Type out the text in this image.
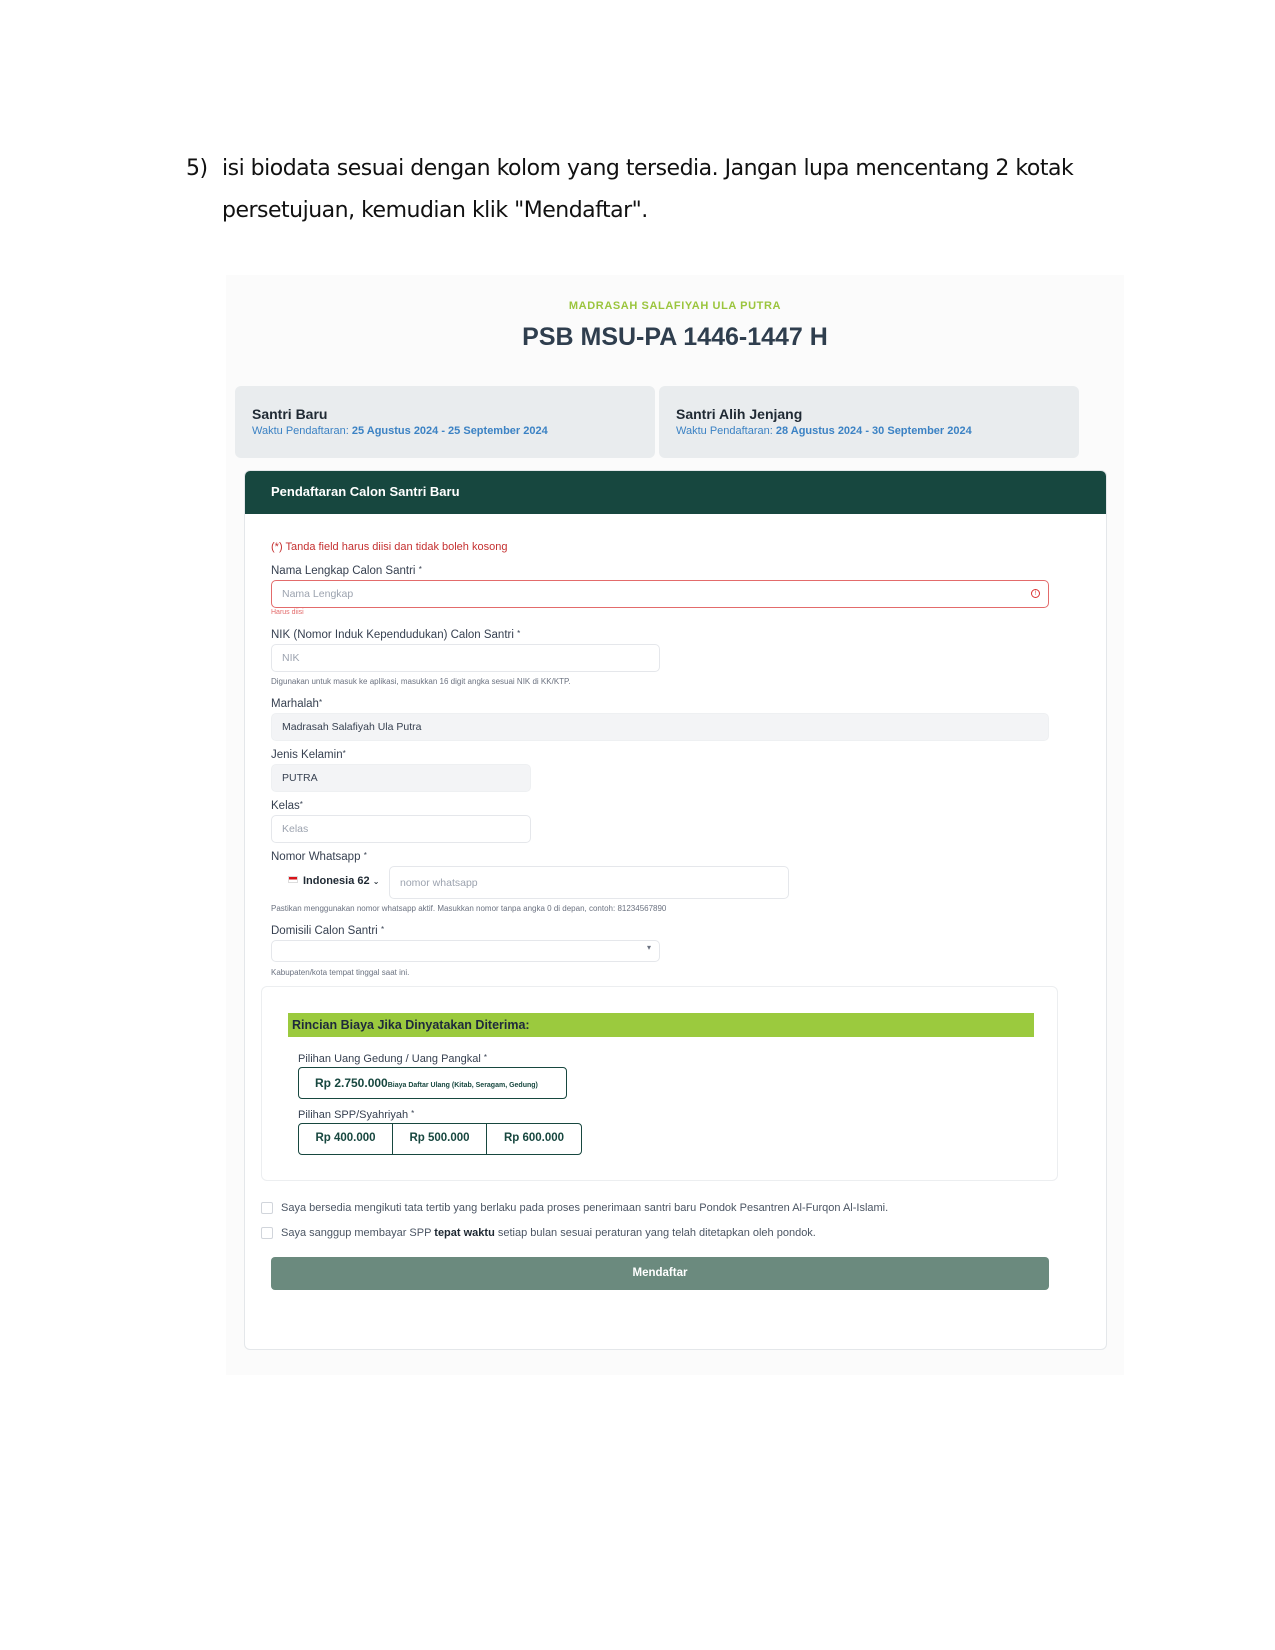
5) isi biodata sesuai dengan kolom yang tersedia. Jangan lupa mencentang 2 kotak persetujuan, kemudian klik "Mendaftar".
MADRASAH SALAFIYAH ULA PUTRA
PSB MSU-PA 1446-1447 H
Santri Baru
Waktu Pendaftaran: 25 Agustus 2024 - 25 September 2024
Santri Alih Jenjang
Waktu Pendaftaran: 28 Agustus 2024 - 30 September 2024
Pendaftaran Calon Santri Baru
(*) Tanda field harus diisi dan tidak boleh kosong
Nama Lengkap Calon Santri *
Nama Lengkap	!
Harus diisi
NIK (Nomor Induk Kependudukan) Calon Santri *
NIK
Digunakan untuk masuk ke aplikasi, masukkan 16 digit angka sesuai NIK di KK/KTP.
Marhalah*
Madrasah Salafiyah Ula Putra
Jenis Kelamin*
PUTRA
Kelas*
Kelas
Nomor Whatsapp *
Indonesia 62 ⌄	nomor whatsapp
Pastikan menggunakan nomor whatsapp aktif. Masukkan nomor tanpa angka 0 di depan, contoh: 81234567890
Domisili Calon Santri *
▾
Kabupaten/kota tempat tinggal saat ini.
Rincian Biaya Jika Dinyatakan Diterima:
Pilihan Uang Gedung / Uang Pangkal *
Rp 2.750.000Biaya Daftar Ulang (Kitab, Seragam, Gedung)
Pilihan SPP/Syahriyah *
Rp 400.000	Rp 500.000	Rp 600.000
Saya bersedia mengikuti tata tertib yang berlaku pada proses penerimaan santri baru Pondok Pesantren Al-Furqon Al-Islami.
Saya sanggup membayar SPP tepat waktu setiap bulan sesuai peraturan yang telah ditetapkan oleh pondok.
Mendaftar
